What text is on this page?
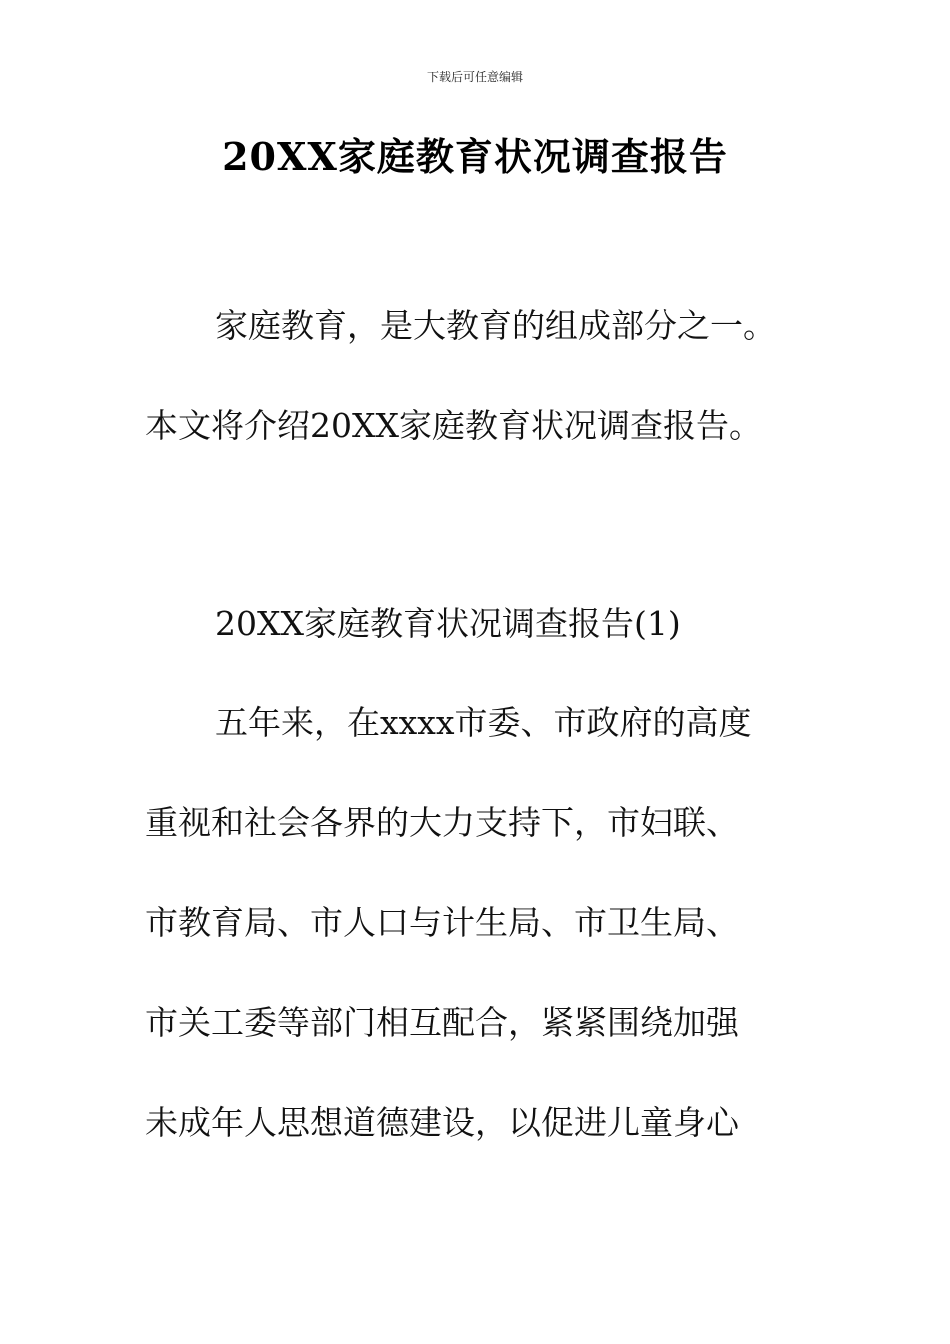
下载后可任意编辑
20XX家庭教育状况调查报告
家庭教育，是大教育的组成部分之一。
本文将介绍20XX家庭教育状况调查报告。
20XX家庭教育状况调查报告(1)
五年来，在xxxx市委、市政府的高度
重视和社会各界的大力支持下，市妇联、
市教育局、市人口与计生局、市卫生局、
市关工委等部门相互配合，紧紧围绕加强
未成年人思想道德建设，以促进儿童身心
